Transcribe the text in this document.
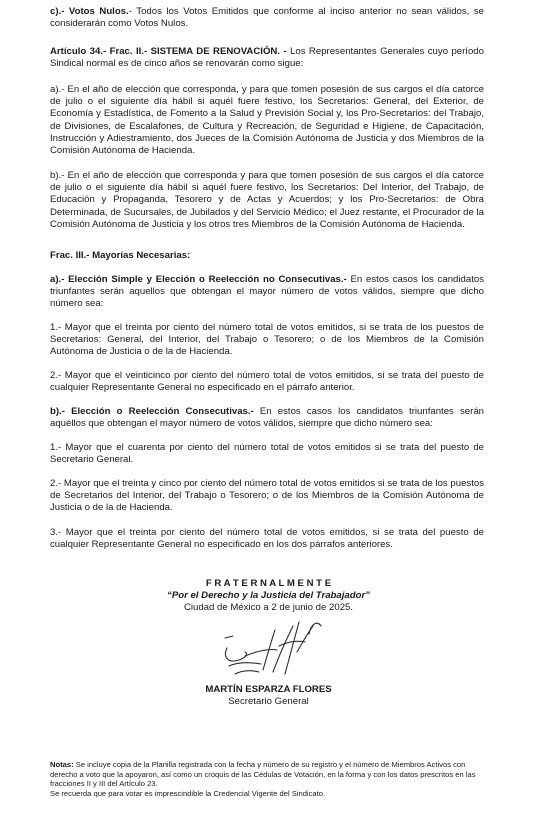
c).- Votos Nulos.- Todos los Votos Emitidos que conforme al inciso anterior no sean válidos, se considerarán como Votos Nulos.

Artículo 34.- Frac. II.- SISTEMA DE RENOVACIÓN. - Los Representantes Generales cuyo período Sindical normal es de cinco años se renovarán como sigue:

a).- En el año de elección que corresponda, y para que tomen posesión de sus cargos el día catorce de julio o el siguiente día hábil si aquél fuere festivo, los Secretarios: General, del Exterior, de Economía y Estadística, de Fomento a la Salud y Previsión Social y, los Pro-Secretarios: del Trabajo, de Divisiones, de Escalafones, de Cultura y Recreación, de Seguridad e Higiene, de Capacitación, Instrucción y Adiestramiento, dos Jueces de la Comisión Autónoma de Justicia y dos Miembros de la Comisión Autónoma de Hacienda.

b).- En el año de elección que corresponda y para que tomen posesión de sus cargos el día catorce de julio o el siguiente día hábil si aquél fuere festivo, los Secretarios: Del Interior, del Trabajo, de Educación y Propaganda, Tesorero y de Actas y Acuerdos; y los Pro-Secretarios: de Obra Determinada, de Sucursales, de Jubilados y del Servicio Médico; el Juez restante, el Procurador de la Comisión Autónoma de Justicia y los otros tres Miembros de la Comisión Autónoma de Hacienda.

Frac. III.- Mayorías Necesarias:

a).- Elección Simple y Elección o Reelección no Consecutivas.- En estos casos los candidatos triunfantes serán aquellos que obtengan el mayor número de votos válidos, siempre que dicho número sea:

1.- Mayor que el treinta por ciento del número total de votos emitidos, si se trata de los puestos de Secretarios: General, del Interior, del Trabajo o Tesorero; o de los Miembros de la Comisión Autónoma de Justicia o de la de Hacienda.

2.- Mayor que el veinticinco por ciento del número total de votos emitidos, si se trata del puesto de cualquier Representante General no especificado en el párrafo anterior.

b).- Elección o Reelección Consecutivas.- En estos casos los candidatos triunfantes serán aquéllos que obtengan el mayor número de votos válidos, siempre que dicho número sea:

1.- Mayor que el cuarenta por ciento del número total de votos emitidos si se trata del puesto de Secretario General.

2.- Mayor que el treinta y cinco por ciento del número total de votos emitidos si se trata de los puestos de Secretarios del Interior, del Trabajo o Tesorero; o de los Miembros de la Comisión Autónoma de Justicia o de la de Hacienda.

3.- Mayor que el treinta por ciento del número total de votos emitidos, si se trata del puesto de cualquier Representante General no especificado en los dos párrafos anteriores.

F R A T E R N A L M E N T E
“Por el Derecho y la Justicia del Trabajador”
Ciudad de México a 2 de junio de 2025.
MARTÍN ESPARZA FLORES
Secretario General

Notas: Se incluye copia de la Planilla registrada con la fecha y número de su registro y el número de Miembros Activos con derecho a voto que la apoyaron, así como un croquis de las Cédulas de Votación, en la forma y con los datos prescritos en las fracciones II y III del Artículo 23.
Se recuerda que para votar es imprescindible la Credencial Vigente del Sindicato.
